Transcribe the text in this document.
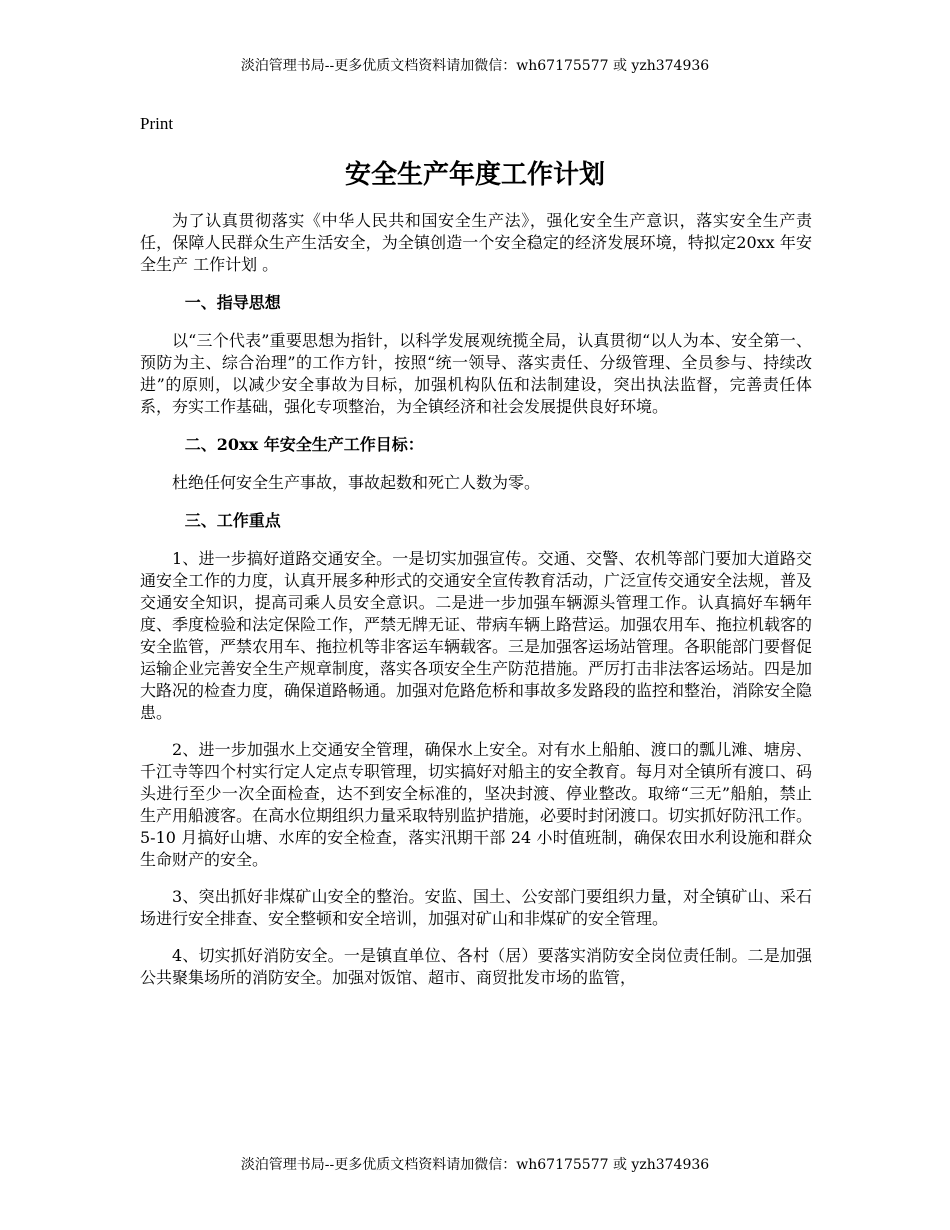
淡泊管理书局--更多优质文档资料请加微信：wh67175577 或 yzh374936
Print
安全生产年度工作计划

为了认真贯彻落实《中华人民共和国安全生产法》，强化安全生产意识，落实安全生产责任，保障人民群众生产生活安全，为全镇创造一个安全稳定的经济发展环境，特拟定20xx 年安全生产 工作计划 。

一、指导思想

以“三个代表”重要思想为指针，以科学发展观统揽全局，认真贯彻“以人为本、安全第一、预防为主、综合治理”的工作方针，按照“统一领导、落实责任、分级管理、全员参与、持续改进”的原则，以减少安全事故为目标，加强机构队伍和法制建设，突出执法监督，完善责任体系，夯实工作基础，强化专项整治，为全镇经济和社会发展提供良好环境。

二、20xx 年安全生产工作目标：

杜绝任何安全生产事故，事故起数和死亡人数为零。

三、工作重点

1、进一步搞好道路交通安全。一是切实加强宣传。交通、交警、农机等部门要加大道路交通安全工作的力度，认真开展多种形式的交通安全宣传教育活动，广泛宣传交通安全法规，普及交通安全知识，提高司乘人员安全意识。二是进一步加强车辆源头管理工作。认真搞好车辆年度、季度检验和法定保险工作，严禁无牌无证、带病车辆上路营运。加强农用车、拖拉机载客的安全监管，严禁农用车、拖拉机等非客运车辆载客。三是加强客运场站管理。各职能部门要督促运输企业完善安全生产规章制度，落实各项安全生产防范措施。严厉打击非法客运场站。四是加大路况的检查力度，确保道路畅通。加强对危路危桥和事故多发路段的监控和整治，消除安全隐患。

2、进一步加强水上交通安全管理，确保水上安全。对有水上船舶、渡口的瓢儿滩、塘房、千江寺等四个村实行定人定点专职管理，切实搞好对船主的安全教育。每月对全镇所有渡口、码头进行至少一次全面检查，达不到安全标准的，坚决封渡、停业整改。取缔“三无”船舶，禁止生产用船渡客。在高水位期组织力量采取特别监护措施，必要时封闭渡口。切实抓好防汛工作。5-10 月搞好山塘、水库的安全检查，落实汛期干部 24 小时值班制，确保农田水利设施和群众生命财产的安全。

3、突出抓好非煤矿山安全的整治。安监、国土、公安部门要组织力量，对全镇矿山、采石场进行安全排查、安全整顿和安全培训，加强对矿山和非煤矿的安全管理。

4、切实抓好消防安全。一是镇直单位、各村（居）要落实消防安全岗位责任制。二是加强公共聚集场所的消防安全。加强对饭馆、超市、商贸批发市场的监管，

淡泊管理书局--更多优质文档资料请加微信：wh67175577 或 yzh374936
